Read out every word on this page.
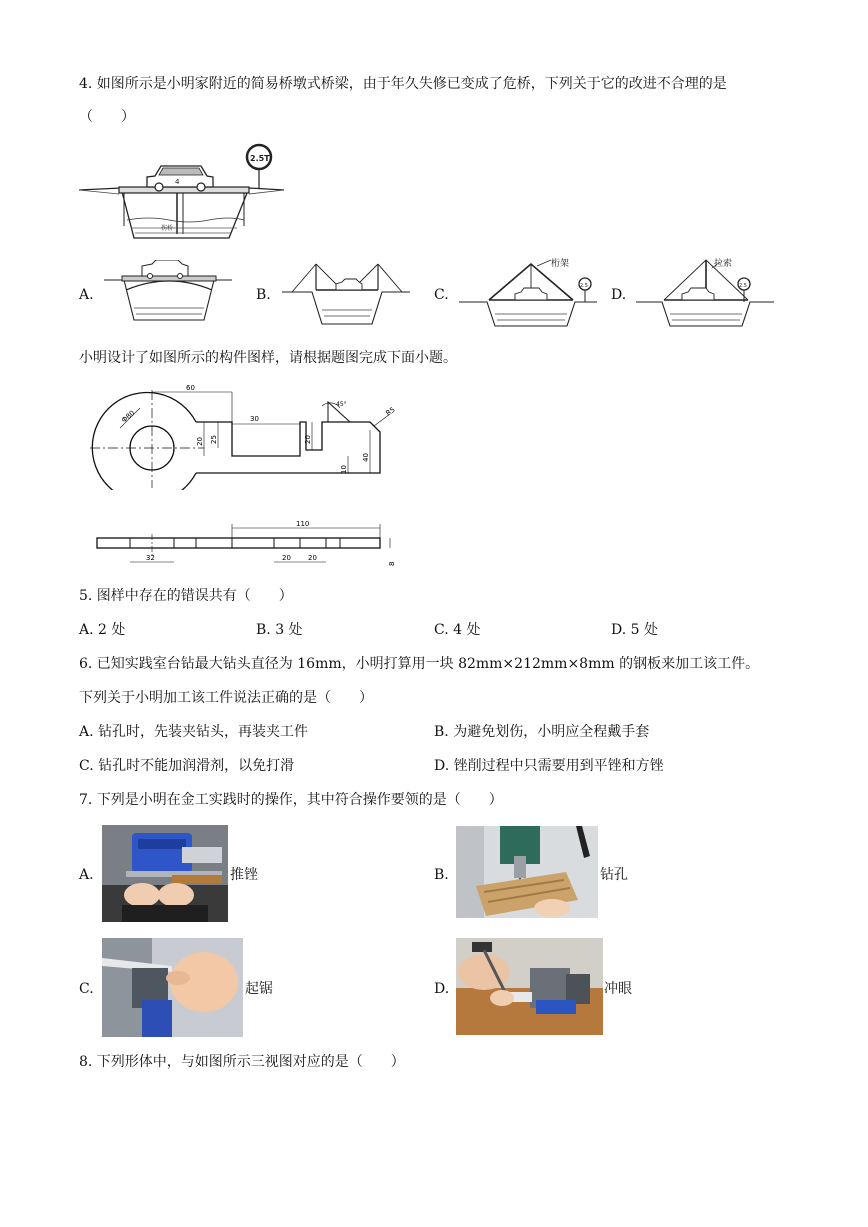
4. 如图所示是小明家附近的简易桥墩式桥梁，由于年久失修已变成了危桥，下列关于它的改进不合理的是
（　　）
伤桥
4
2.5T
A.	B.	C.	D.
桁架
2.5
拉索
2.5
小明设计了如图所示的构件图样，请根据题图完成下面小题。
60
Φ80	30
20 25	20
45°
R5
40
10
110
32	20 20
8
5. 图样中存在的错误共有（　　）
A. 2 处	B. 3 处	C. 4 处	D. 5 处
6. 已知实践室台钻最大钻头直径为 16mm，小明打算用一块 82mm×212mm×8mm 的钢板来加工该工件。
下列关于小明加工该工件说法正确的是（　　）
A. 钻孔时，先装夹钻头，再装夹工件	B. 为避免划伤，小明应全程戴手套
C. 钻孔时不能加润滑剂，以免打滑	D. 锉削过程中只需要用到平锉和方锉
7. 下列是小明在金工实践时的操作，其中符合操作要领的是（　　）
A.	推锉	B.	钻孔
C.	起锯	D.	冲眼
8. 下列形体中，与如图所示三视图对应的是（　　）
